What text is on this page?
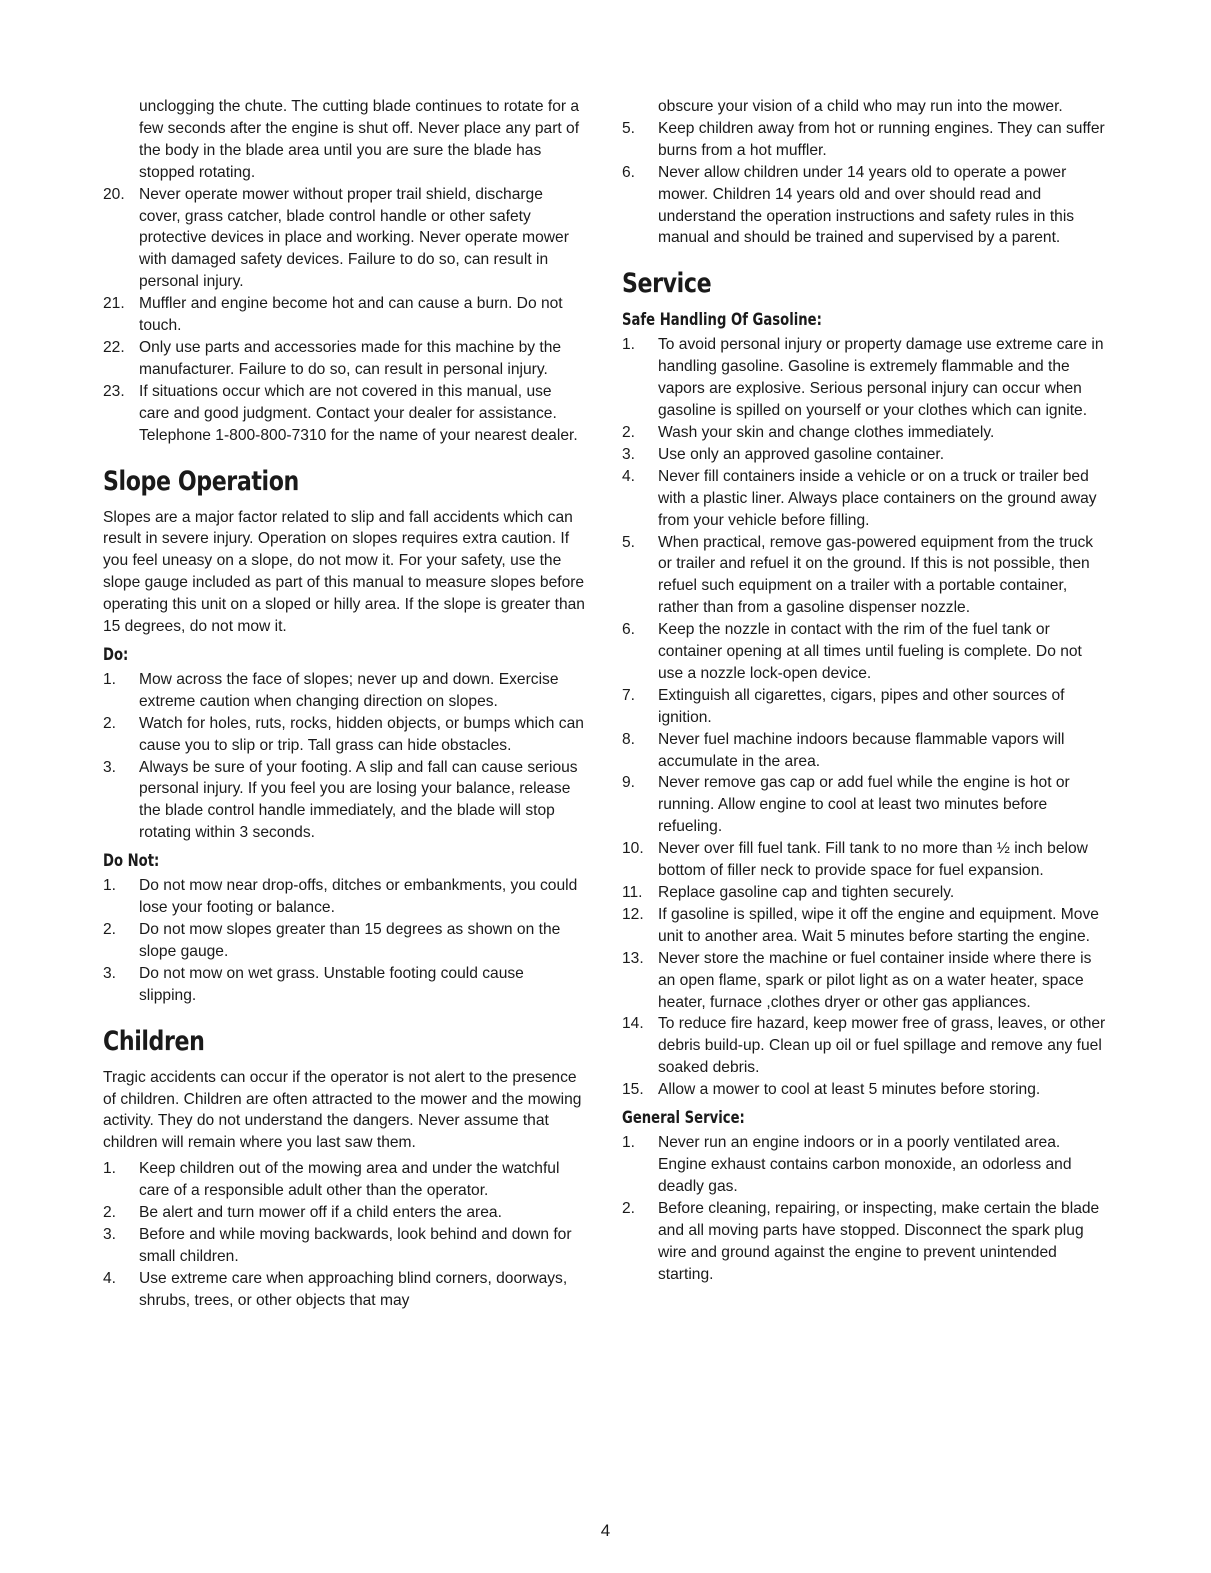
unclogging the chute. The cutting blade continues to rotate for a few seconds after the engine is shut off. Never place any part of the body in the blade area until you are sure the blade has stopped rotating.
20. Never operate mower without proper trail shield, discharge cover, grass catcher, blade control handle or other safety protective devices in place and working. Never operate mower with damaged safety devices. Failure to do so, can result in personal injury.
21. Muffler and engine become hot and can cause a burn. Do not touch.
22. Only use parts and accessories made for this machine by the manufacturer. Failure to do so, can result in personal injury.
23. If situations occur which are not covered in this manual, use care and good judgment. Contact your dealer for assistance. Telephone 1-800-800-7310 for the name of your nearest dealer.
Slope Operation

Slopes are a major factor related to slip and fall accidents which can result in severe injury. Operation on slopes requires extra caution. If you feel uneasy on a slope, do not mow it. For your safety, use the slope gauge included as part of this manual to measure slopes before operating this unit on a sloped or hilly area. If the slope is greater than 15 degrees, do not mow it.

Do:
1. Mow across the face of slopes; never up and down. Exercise extreme caution when changing direction on slopes.
2. Watch for holes, ruts, rocks, hidden objects, or bumps which can cause you to slip or trip. Tall grass can hide obstacles.
3. Always be sure of your footing. A slip and fall can cause serious personal injury. If you feel you are losing your balance, release the blade control handle immediately, and the blade will stop rotating within 3 seconds.
Do Not:
1. Do not mow near drop-offs, ditches or embankments, you could lose your footing or balance.
2. Do not mow slopes greater than 15 degrees as shown on the slope gauge.
3. Do not mow on wet grass. Unstable footing could cause slipping.
Children

Tragic accidents can occur if the operator is not alert to the presence of children. Children are often attracted to the mower and the mowing activity. They do not understand the dangers. Never assume that children will remain where you last saw them.

1. Keep children out of the mowing area and under the watchful care of a responsible adult other than the operator.
2. Be alert and turn mower off if a child enters the area.
3. Before and while moving backwards, look behind and down for small children.
4. Use extreme care when approaching blind corners, doorways, shrubs, trees, or other objects that may
obscure your vision of a child who may run into the mower.
5. Keep children away from hot or running engines. They can suffer burns from a hot muffler.
6. Never allow children under 14 years old to operate a power mower. Children 14 years old and over should read and understand the operation instructions and safety rules in this manual and should be trained and supervised by a parent.
Service
Safe Handling Of Gasoline:
1. To avoid personal injury or property damage use extreme care in handling gasoline. Gasoline is extremely flammable and the vapors are explosive. Serious personal injury can occur when gasoline is spilled on yourself or your clothes which can ignite.
2. Wash your skin and change clothes immediately.
3. Use only an approved gasoline container.
4. Never fill containers inside a vehicle or on a truck or trailer bed with a plastic liner. Always place containers on the ground away from your vehicle before filling.
5. When practical, remove gas-powered equipment from the truck or trailer and refuel it on the ground. If this is not possible, then refuel such equipment on a trailer with a portable container, rather than from a gasoline dispenser nozzle.
6. Keep the nozzle in contact with the rim of the fuel tank or container opening at all times until fueling is complete. Do not use a nozzle lock-open device.
7. Extinguish all cigarettes, cigars, pipes and other sources of ignition.
8. Never fuel machine indoors because flammable vapors will accumulate in the area.
9. Never remove gas cap or add fuel while the engine is hot or running. Allow engine to cool at least two minutes before refueling.
10. Never over fill fuel tank. Fill tank to no more than ½ inch below bottom of filler neck to provide space for fuel expansion.
11. Replace gasoline cap and tighten securely.
12. If gasoline is spilled, wipe it off the engine and equipment. Move unit to another area. Wait 5 minutes before starting the engine.
13. Never store the machine or fuel container inside where there is an open flame, spark or pilot light as on a water heater, space heater, furnace ,clothes dryer or other gas appliances.
14. To reduce fire hazard, keep mower free of grass, leaves, or other debris build-up. Clean up oil or fuel spillage and remove any fuel soaked debris.
15. Allow a mower to cool at least 5 minutes before storing.
General Service:
1. Never run an engine indoors or in a poorly ventilated area. Engine exhaust contains carbon monoxide, an odorless and deadly gas.
2. Before cleaning, repairing, or inspecting, make certain the blade and all moving parts have stopped. Disconnect the spark plug wire and ground against the engine to prevent unintended starting.
4
